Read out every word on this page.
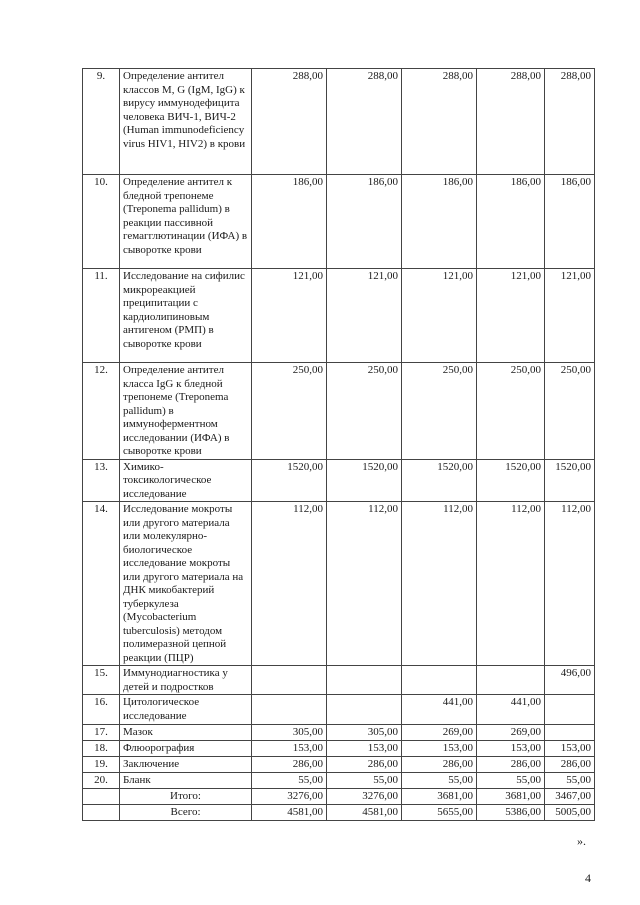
9.	Определение антител классов M, G (IgM, IgG) к вирусу иммунодефицита человека ВИЧ-1, ВИЧ-2 (Human immunodeficiency virus HIV1, HIV2) в крови	288,00	288,00	288,00	288,00	288,00
10.	Определение антител к бледной трепонеме (Treponema pallidum) в реакции пассивной гемагглютинации (ИФА) в сыворотке крови	186,00	186,00	186,00	186,00	186,00
11.	Исследование на сифилис микрореакцией преципитации с кардиолипиновым антигеном (РМП) в сыворотке крови	121,00	121,00	121,00	121,00	121,00
12.	Определение антител класса IgG к бледной трепонеме (Treponema pallidum) в иммуноферментном исследовании (ИФА) в сыворотке крови	250,00	250,00	250,00	250,00	250,00
13.	Химико-токсикологическое исследование	1520,00	1520,00	1520,00	1520,00	1520,00
14.	Исследование мокроты или другого материала или молекулярно-биологическое исследование мокроты или другого материала на ДНК микобактерий туберкулеза (Mycobacterium tuberculosis) методом полимеразной цепной реакции (ПЦР)	112,00	112,00	112,00	112,00	112,00
15.	Иммунодиагностика у детей и подростков					496,00
16.	Цитологическое исследование			441,00	441,00	
17.	Мазок	305,00	305,00	269,00	269,00	
18.	Флюорография	153,00	153,00	153,00	153,00	153,00
19.	Заключение	286,00	286,00	286,00	286,00	286,00
20.	Бланк	55,00	55,00	55,00	55,00	55,00
	Итого:	3276,00	3276,00	3681,00	3681,00	3467,00
	Всего:	4581,00	4581,00	5655,00	5386,00	5005,00
».
4
